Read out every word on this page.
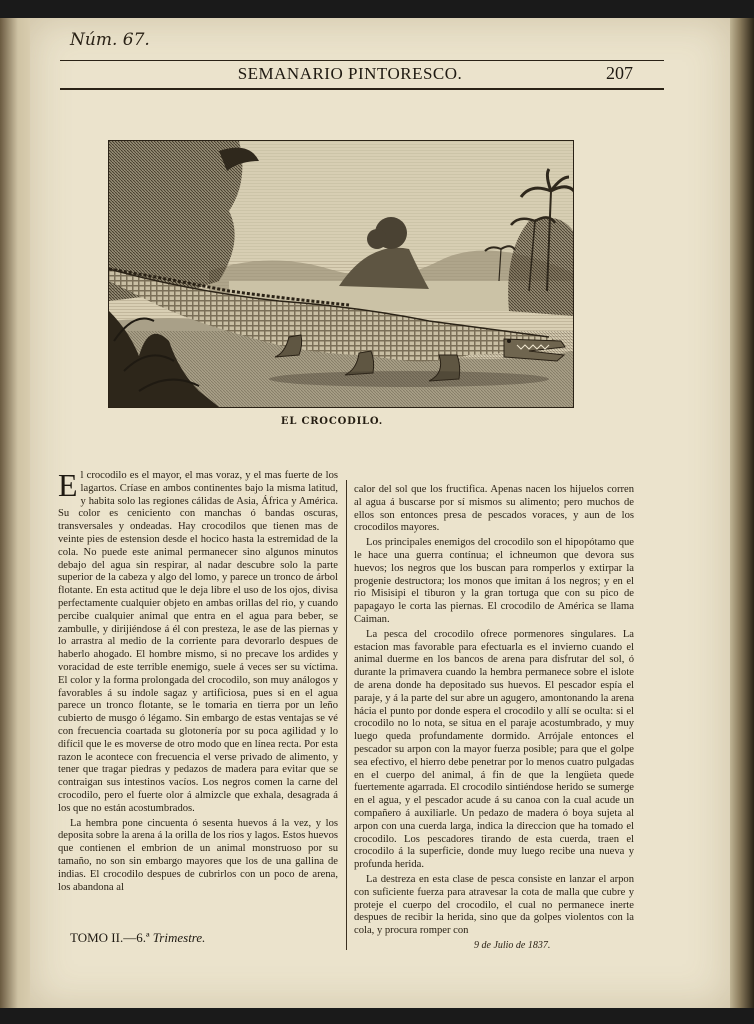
Núm. 67.
SEMANARIO PINTORESCO.	207
EL CROCODILO.

El crocodilo es el mayor, el mas voraz, y el mas fuerte de los lagartos. Críase en ambos continentes bajo la misma latitud, y habita solo las regiones cálidas de Asia, África y América. Su color es ceniciento con manchas ó bandas oscuras, transversales y ondeadas. Hay crocodilos que tienen mas de veinte pies de estension desde el hocico hasta la estremidad de la cola. No puede este animal permanecer sino algunos minutos debajo del agua sin respirar, al nadar descubre solo la parte superior de la cabeza y algo del lomo, y parece un tronco de árbol flotante. En esta actitud que le deja libre el uso de los ojos, divisa perfectamente cualquier objeto en ambas orillas del rio, y cuando percibe cualquier animal que entra en el agua para beber, se zambulle, y dirijiéndose á él con presteza, le ase de las piernas y lo arrastra al medio de la corriente para devorarlo despues de haberlo ahogado. El hombre mismo, si no precave los ardides y voracidad de este terrible enemigo, suele á veces ser su víctima. El color y la forma prolongada del crocodilo, son muy análogos y favorables á su índole sagaz y artificiosa, pues si en el agua parece un tronco flotante, se le tomaria en tierra por un leño cubierto de musgo ó légamo. Sin embargo de estas ventajas se vé con frecuencia coartada su glotonería por su poca agilidad y lo difícil que le es moverse de otro modo que en línea recta. Por esta razon le acontece con frecuencia el verse privado de alimento, y tener que tragar piedras y pedazos de madera para evitar que se contraigan sus intestinos vacíos. Los negros comen la carne del crocodilo, pero el fuerte olor á almizcle que exhala, desagrada á los que no están acostumbrados.

La hembra pone cincuenta ó sesenta huevos á la vez, y los deposita sobre la arena á la orilla de los rios y lagos. Estos huevos que contienen el embrion de un animal monstruoso por su tamaño, no son sin embargo mayores que los de una gallina de indias. El crocodilo despues de cubrirlos con un poco de arena, los abandona al

calor del sol que los fructifica. Apenas nacen los hijuelos corren al agua á buscarse por sí mismos su alimento; pero muchos de ellos son entonces presa de pescados voraces, y aun de los crocodilos mayores.

Los principales enemigos del crocodilo son el hipopótamo que le hace una guerra contínua; el ichneumon que devora sus huevos; los negros que los buscan para romperlos y extirpar la progenie destructora; los monos que imitan á los negros; y en el rio Misisipi el tiburon y la gran tortuga que con su pico de papagayo le corta las piernas. El crocodilo de América se llama Caiman.

La pesca del crocodilo ofrece pormenores singulares. La estacion mas favorable para efectuarla es el invierno cuando el animal duerme en los bancos de arena para disfrutar del sol, ó durante la primavera cuando la hembra permanece sobre el islote de arena donde ha depositado sus huevos. El pescador espía el paraje, y á la parte del sur abre un agugero, amontonando la arena hácia el punto por donde espera el crocodilo y allí se oculta: si el crocodilo no lo nota, se situa en el paraje acostumbrado, y muy luego queda profundamente dormido. Arrójale entonces el pescador su arpon con la mayor fuerza posible; para que el golpe sea efectivo, el hierro debe penetrar por lo menos cuatro pulgadas en el cuerpo del animal, á fin de que la lengüeta quede fuertemente agarrada. El crocodilo sintiéndose herido se sumerge en el agua, y el pescador acude á su canoa con la cual acude un compañero á auxiliarle. Un pedazo de madera ó boya sujeta al arpon con una cuerda larga, indica la direccion que ha tomado el crocodilo. Los pescadores tirando de esta cuerda, traen el crocodilo á la superficie, donde muy luego recibe una nueva y profunda herida.

La destreza en esta clase de pesca consiste en lanzar el arpon con suficiente fuerza para atravesar la cota de malla que cubre y proteje el cuerpo del crocodilo, el cual no permanece inerte despues de recibir la herida, sino que da golpes violentos con la cola, y procura romper con

TOMO II.—6.ª Trimestre.
9 de Julio de 1837.
